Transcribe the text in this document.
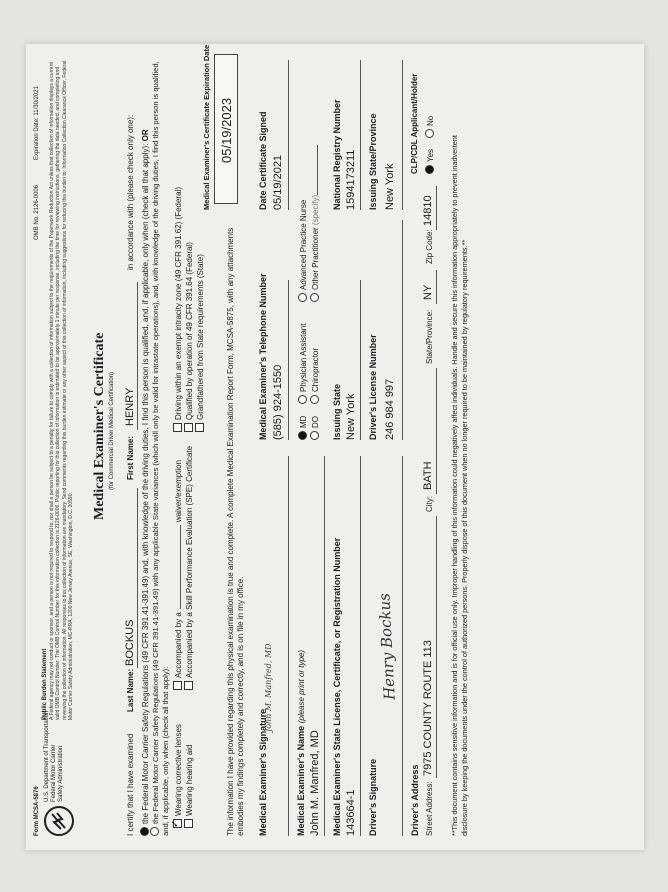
Form MCSA-5876
OMB No. 2126-0006
Expiration Date: 11/30/2021
U.S. Department of Transportation Federal Motor Carrier Safety Administration
Public Burden Statement A Federal agency may not conduct or sponsor, and a person is not required to respond to, nor shall a person be subject to a penalty for failure to comply with a collection of information subject to the requirements of the Paperwork Reduction Act unless that collection of information displays a current valid OMB Control Number. The OMB Control Number for this information collection is 2126-0006. Public reporting for this collection of information is estimated to be approximately 1 minute per response, including the time for reviewing instructions, gathering the data needed, and completing and reviewing the collection of information. All responses to this collection of information are mandatory. Send comments regarding this burden estimate or any other aspect of this collection of information, including suggestions for reducing this burden to: Information Collection Clearance Officer, Federal Motor Carrier Safety Administration, MC-RRA, 1200 New Jersey Avenue, SE, Washington, D.C. 20590.
Medical Examiner's Certificate (for Commercial Driver Medical Certification)
I certify that I have examined
Last Name:
BOCKUS
First Name:
HENRY
in accordance with (please check only one): the Federal Motor Carrier Safety Regulations (49 CFR 391.41-391.49) and, with knowledge of the driving duties, I find this person is qualified, and, if applicable, only when (check all that apply): OR the Federal Motor Carrier Safety Regulations (49 CFR 391.41-391.49) with any applicable State variances (which will only be valid for intrastate operations), and, with knowledge of the driving duties, I find this person is qualified, and, if applicable, only when (check all that apply):
✓ Wearing corrective lenses Wearing hearing aid
Accompanied by awaiver/exemption Accompanied by a Skill Performance Evaluation (SPE) Certificate
Driving within an exempt intracity zone (49 CFR 391.62) (Federal) Qualified by operation of 49 CFR 391.64 (Federal) Grandfathered from State requirements (State)
Medical Examiner's Certificate Expiration Date 05/19/2023
The information I have provided regarding this physical examination is true and complete. A complete Medical Examination Report Form, MCSA-5875, with any attachments embodies my findings completely and correctly, and is on file in my office. Medical Examiner's Signature
John M. Manfred, MD
Medical Examiner's Telephone Number (585) 924-1550
Date Certificate Signed 05/19/2021
Medical Examiner's Name (please print or type)
John M. Manfred, MD
MD
Physician Assistant
Advanced Practice Nurse
DO
Chiropractor
Other Practitioner (specify)
Medical Examiner's State License, Certificate, or Registration Number 143664-1
Issuing State New York
National Registry Number 1594173211
Driver's Signature
Henry Bockus
Driver's License Number 246 984 997
Issuing State/Province New York
Driver's Address Street Address:
7975 COUNTY ROUTE 113
City:
BATH
State/Province:
NY
Zip Code:
14810
CLP/CDL Applicant/Holder Yes
No
**This document contains sensitive information and is for official use only. Improper handling of this information could negatively affect individuals. Handle and secure this information appropriately to prevent inadvertent disclosure by keeping the documents under the control of authorized persons. Properly dispose of this document when no longer required to be maintained by regulatory requirements.**
